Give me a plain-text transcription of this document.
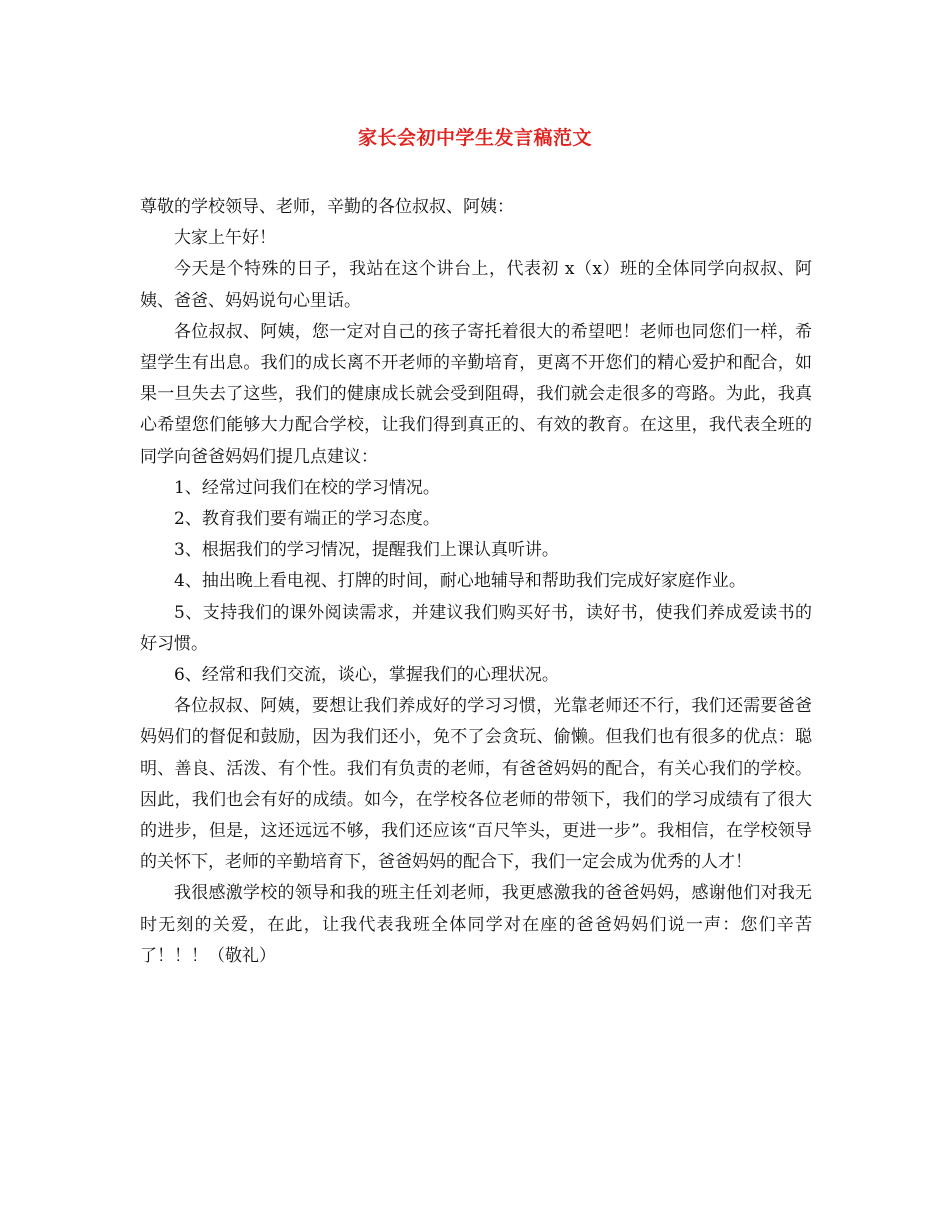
家长会初中学生发言稿范文

尊敬的学校领导、老师，辛勤的各位叔叔、阿姨：

大家上午好！

今天是个特殊的日子，我站在这个讲台上，代表初 x（x）班的全体同学向叔叔、阿姨、爸爸、妈妈说句心里话。

各位叔叔、阿姨，您一定对自己的孩子寄托着很大的希望吧！老师也同您们一样，希望学生有出息。我们的成长离不开老师的辛勤培育，更离不开您们的精心爱护和配合，如果一旦失去了这些，我们的健康成长就会受到阻碍，我们就会走很多的弯路。为此，我真心希望您们能够大力配合学校，让我们得到真正的、有效的教育。在这里，我代表全班的同学向爸爸妈妈们提几点建议：

1、经常过问我们在校的学习情况。

2、教育我们要有端正的学习态度。

3、根据我们的学习情况，提醒我们上课认真听讲。

4、抽出晚上看电视、打牌的时间，耐心地辅导和帮助我们完成好家庭作业。

5、支持我们的课外阅读需求，并建议我们购买好书，读好书，使我们养成爱读书的好习惯。

6、经常和我们交流，谈心，掌握我们的心理状况。

各位叔叔、阿姨，要想让我们养成好的学习习惯，光靠老师还不行，我们还需要爸爸妈妈们的督促和鼓励，因为我们还小，免不了会贪玩、偷懒。但我们也有很多的优点：聪明、善良、活泼、有个性。我们有负责的老师，有爸爸妈妈的配合，有关心我们的学校。因此，我们也会有好的成绩。如今，在学校各位老师的带领下，我们的学习成绩有了很大的进步，但是，这还远远不够，我们还应该“百尺竿头，更进一步”。我相信，在学校领导的关怀下，老师的辛勤培育下，爸爸妈妈的配合下，我们一定会成为优秀的人才！

我很感激学校的领导和我的班主任刘老师，我更感激我的爸爸妈妈，感谢他们对我无时无刻的关爱，在此，让我代表我班全体同学对在座的爸爸妈妈们说一声：您们辛苦了！！！（敬礼）
